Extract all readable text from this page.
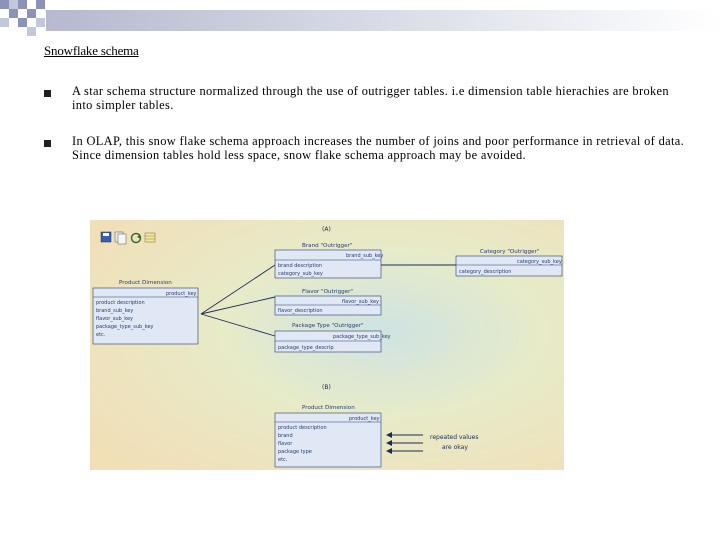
Snowflake schema
A star schema structure normalized through the use of outrigger tables. i.e dimension table hierachies are broken into simpler tables.
In OLAP, this snow flake schema approach increases the number of joins and poor performance in retrieval of data. Since dimension tables hold less space, snow flake schema approach may be avoided.
(A)
(B)
Brand "Outrigger"
brand_sub_key
brand description
category_sub_key
Category "Outrigger"
category_sub_key
category_description
Product Dimension
product_key
product description
brand_sub_key
flavor_sub_key
package_type_sub_key
etc.
Flavor "Outrigger"
flavor_sub_key
flavor_description
Package Type "Outrigger"
package_type_sub_key
package_type_descrip
Product Dimension
product_key
product description
brand
flavor
package type
etc.
repeated values
are okay
